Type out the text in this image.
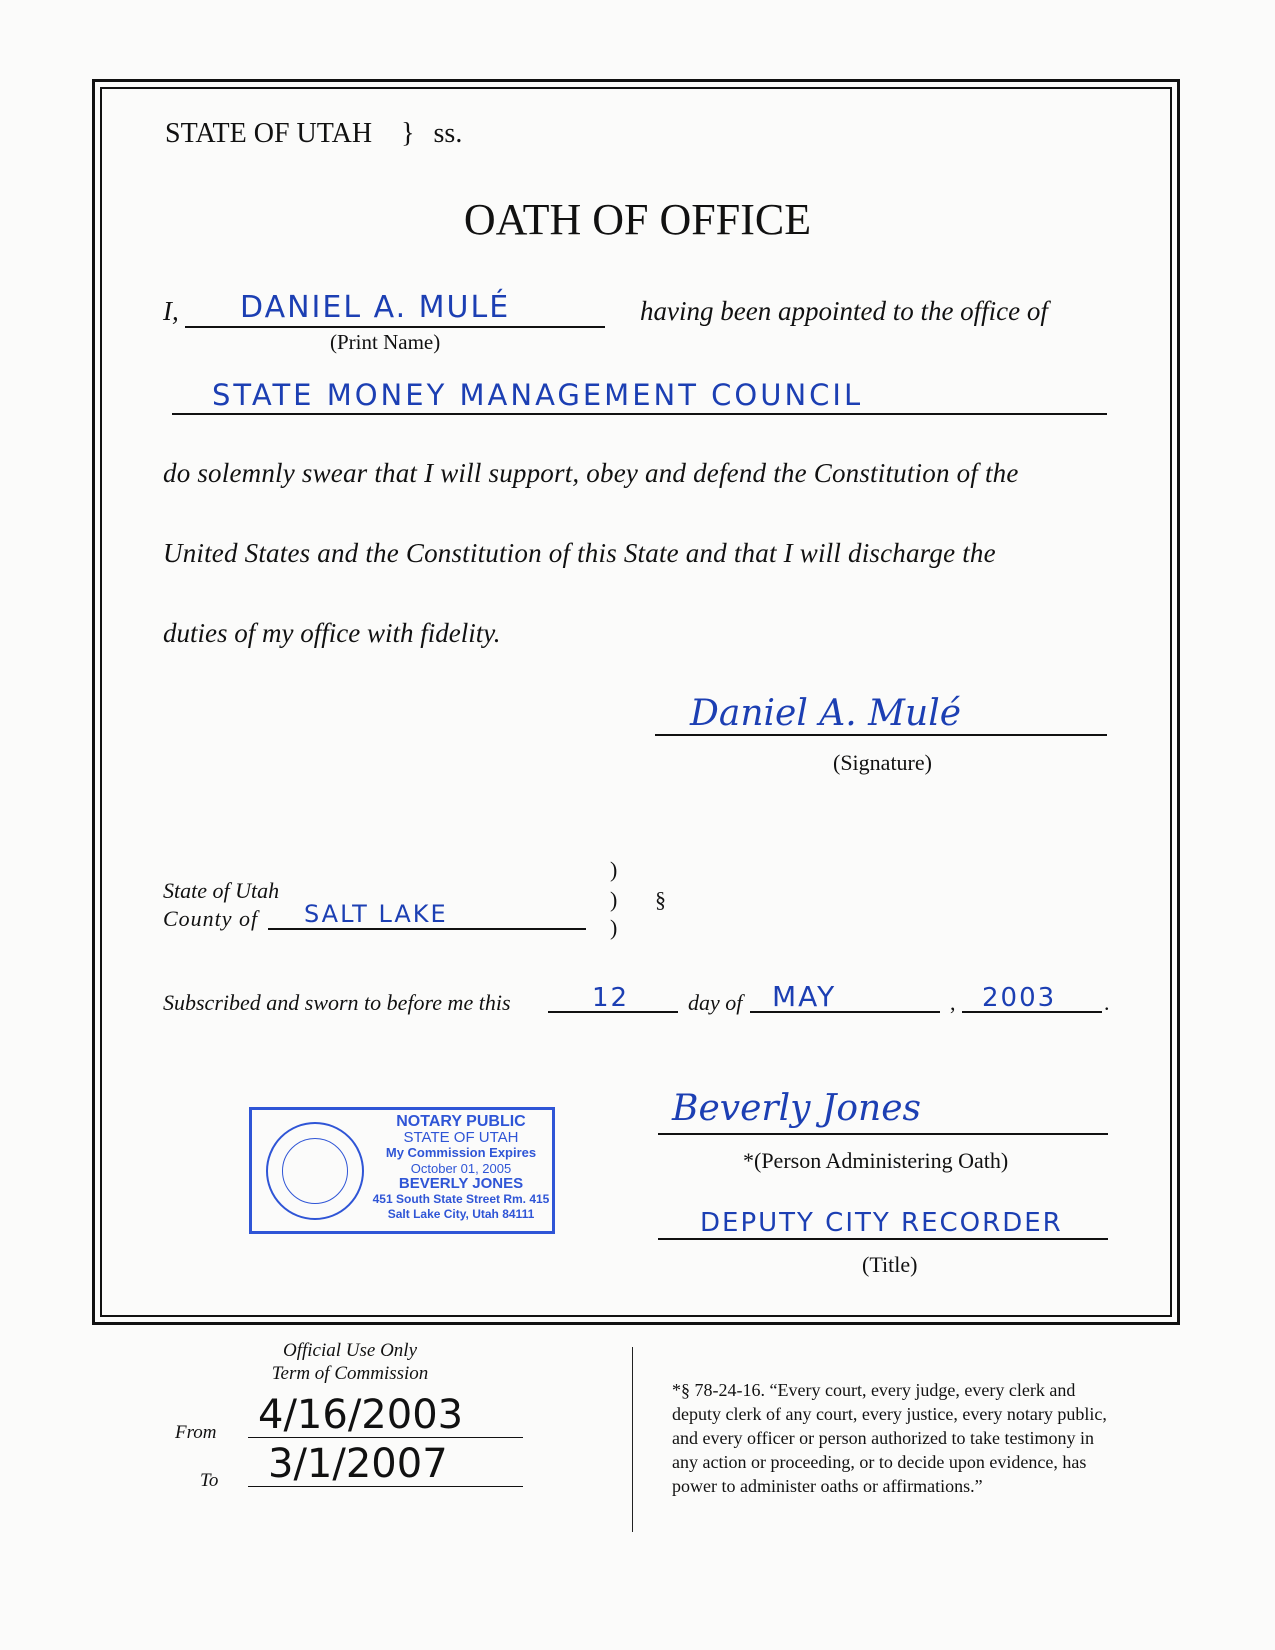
STATE OF UTAH } ss.
OATH OF OFFICE
I, DANIEL A. MULÉ
(Print Name)
having been appointed to the office of
STATE MONEY MANAGEMENT COUNCIL
do solemnly swear that I will support, obey and defend the Constitution of the
United States and the Constitution of this State and that I will discharge the
duties of my office with fidelity.
Daniel A. Mulé
(Signature)
State of Utah
County of SALT LAKE
)
)
)
§
Subscribed and sworn to before me this	12	day of MAY	, 2003 .
NOTARY PUBLIC
STATE OF UTAH
My Commission Expires
October 01, 2005
BEVERLY JONES
451 South State Street Rm. 415
Salt Lake City, Utah 84111
Beverly Jones
*(Person Administering Oath)
DEPUTY CITY RECORDER
(Title)
Official Use Only
Term of Commission
From 4/16/2003
To 3/1/2007
*§ 78-24-16. “Every court, every judge, every clerk and
deputy clerk of any court, every justice, every notary public,
and every officer or person authorized to take testimony in
any action or proceeding, or to decide upon evidence, has
power to administer oaths or affirmations.”
